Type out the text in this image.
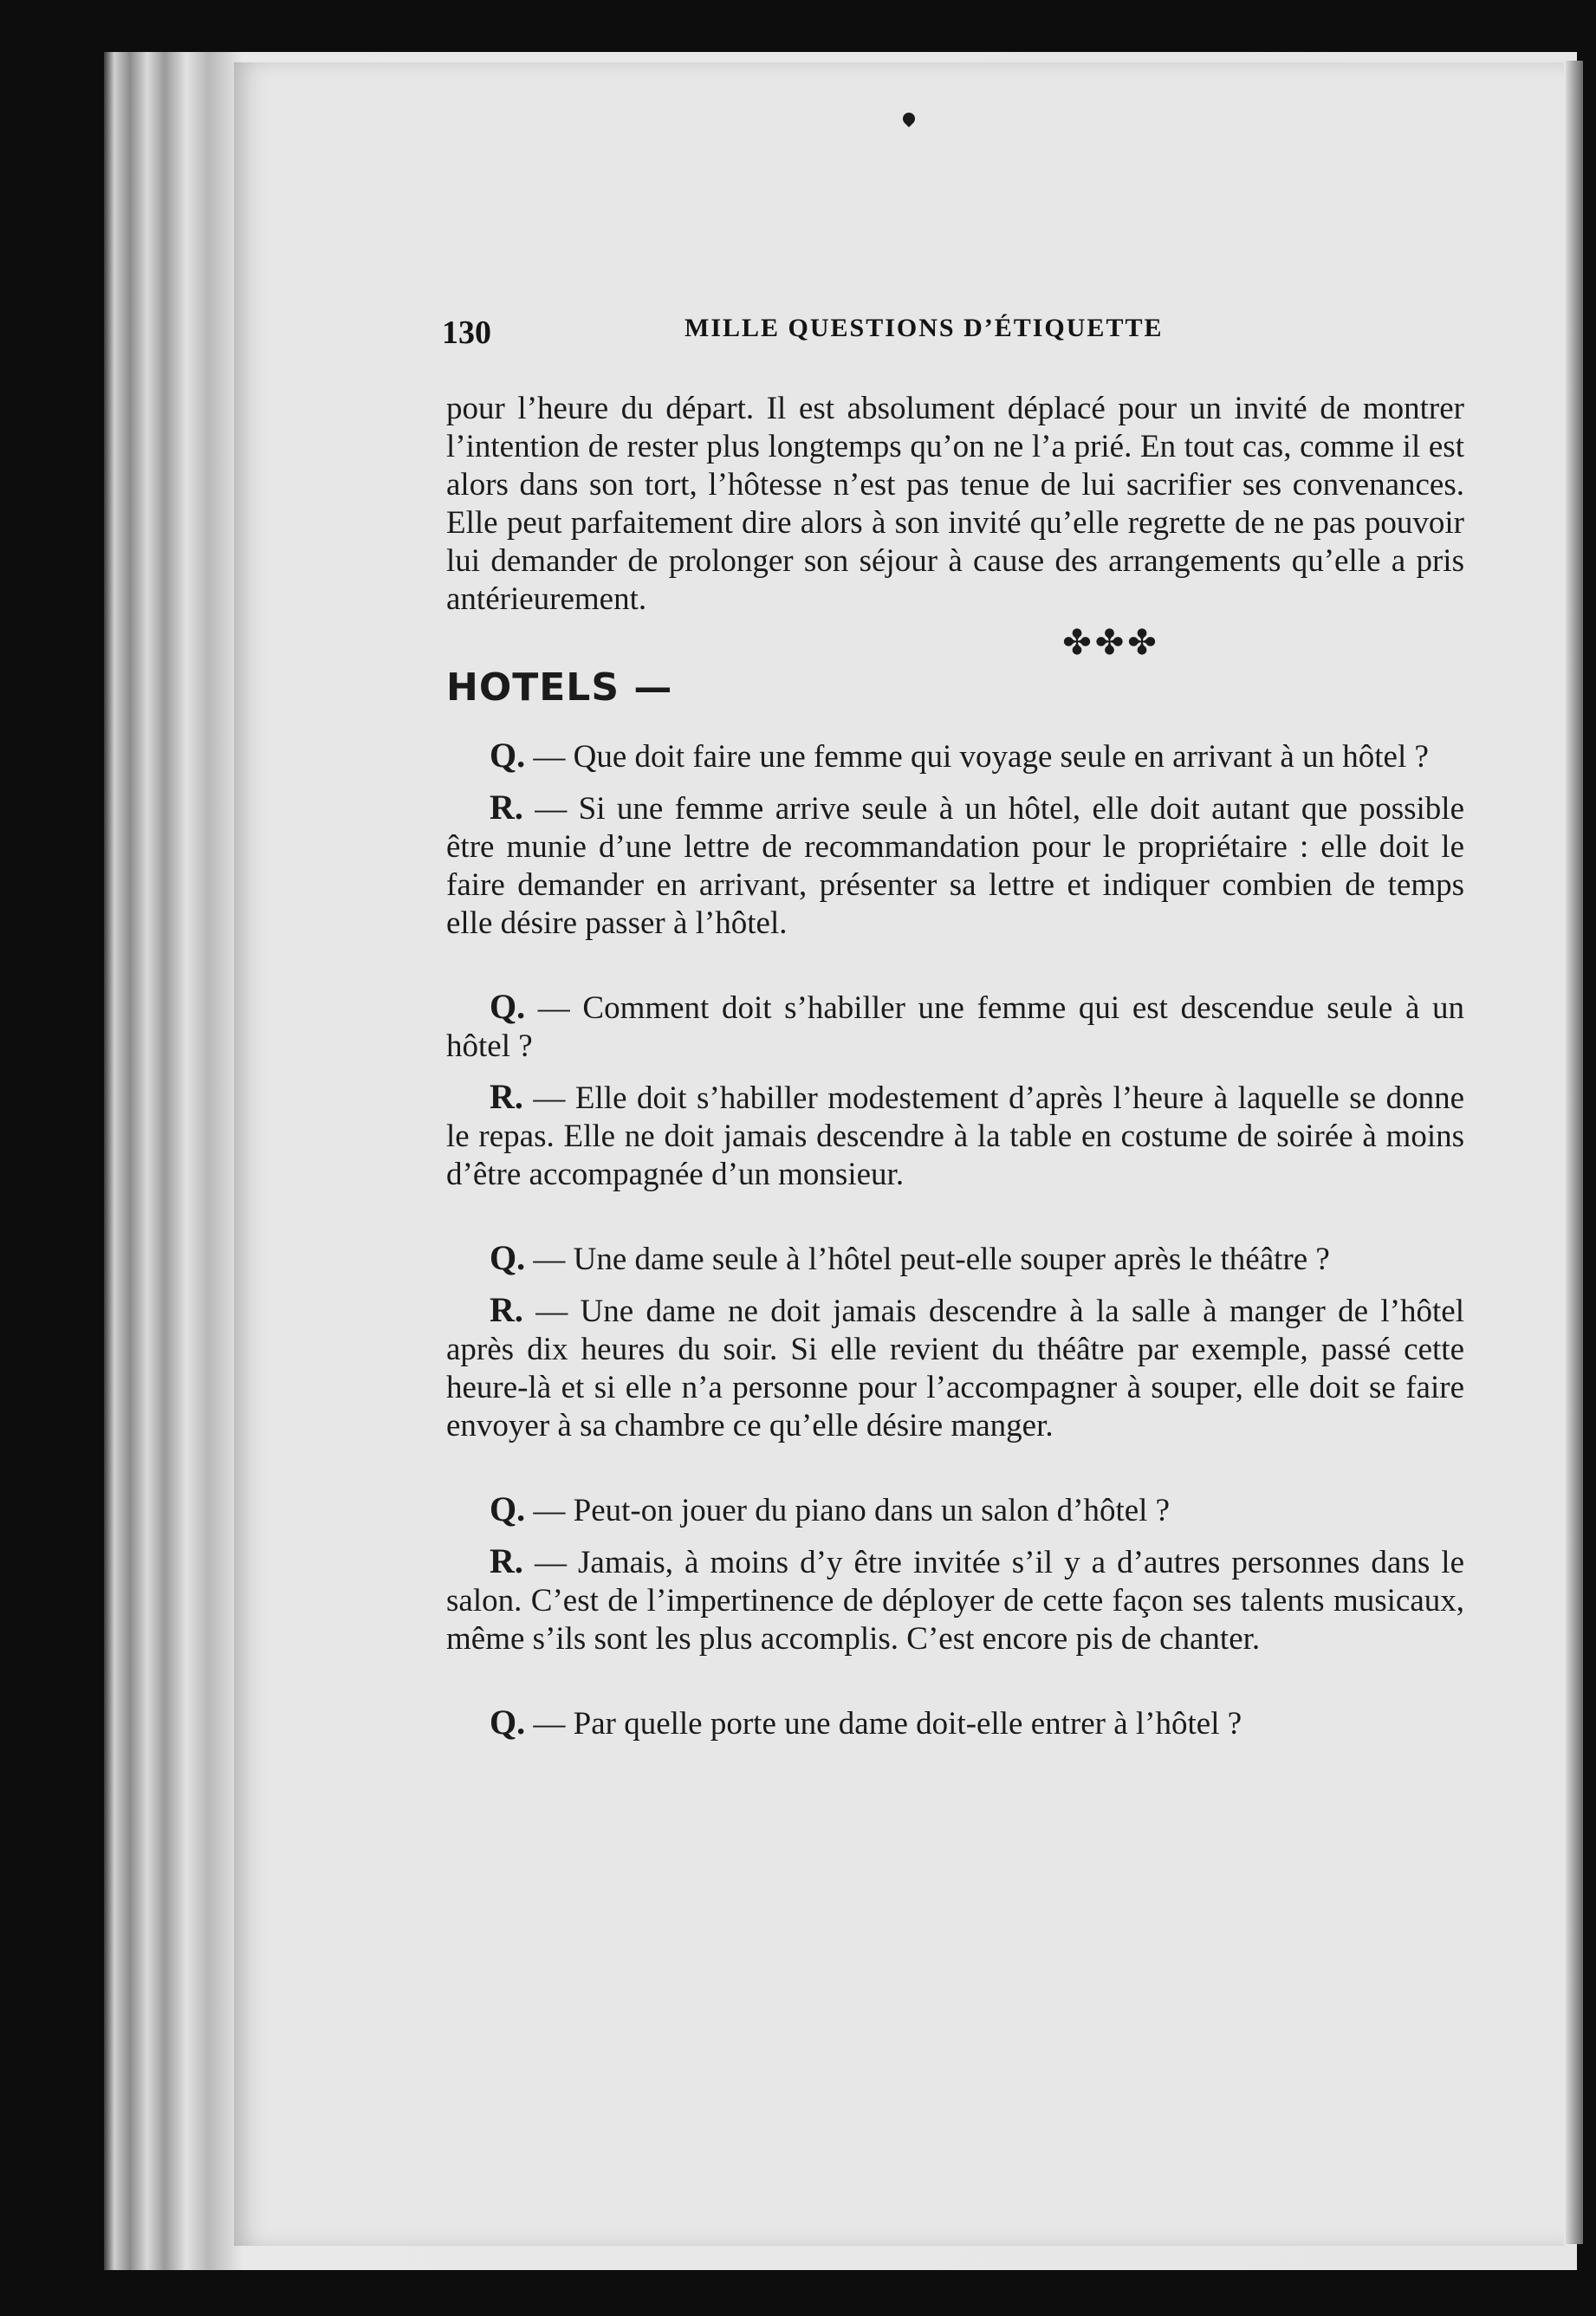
130	MILLE QUESTIONS D’ÉTIQUETTE

pour l’heure du départ. Il est absolument déplacé pour un invité de montrer l’intention de rester plus longtemps qu’on ne l’a prié. En tout cas, comme il est alors dans son tort, l’hôtesse n’est pas tenue de lui sacrifier ses convenances. Elle peut parfaitement dire alors à son invité qu’elle regrette de ne pas pouvoir lui demander de prolonger son séjour à cause des arrangements qu’elle a pris antérieurement.

✤✤✤
HOTELS —

Q. — Que doit faire une femme qui voyage seule en arrivant à un hôtel ?

R. — Si une femme arrive seule à un hôtel, elle doit autant que possible être munie d’une lettre de recommandation pour le propriétaire : elle doit le faire demander en arrivant, présenter sa lettre et indiquer combien de temps elle désire passer à l’hôtel.

Q. — Comment doit s’habiller une femme qui est descendue seule à un hôtel ?

R. — Elle doit s’habiller modestement d’après l’heure à laquelle se donne le repas. Elle ne doit jamais descendre à la table en costume de soirée à moins d’être accompagnée d’un monsieur.

Q. — Une dame seule à l’hôtel peut-elle souper après le théâtre ?

R. — Une dame ne doit jamais descendre à la salle à manger de l’hôtel après dix heures du soir. Si elle revient du théâtre par exemple, passé cette heure-là et si elle n’a personne pour l’accompagner à souper, elle doit se faire envoyer à sa chambre ce qu’elle désire manger.

Q. — Peut-on jouer du piano dans un salon d’hôtel ?

R. — Jamais, à moins d’y être invitée s’il y a d’autres personnes dans le salon. C’est de l’impertinence de déployer de cette façon ses talents musicaux, même s’ils sont les plus accomplis. C’est encore pis de chanter.

Q. — Par quelle porte une dame doit-elle entrer à l’hôtel ?
